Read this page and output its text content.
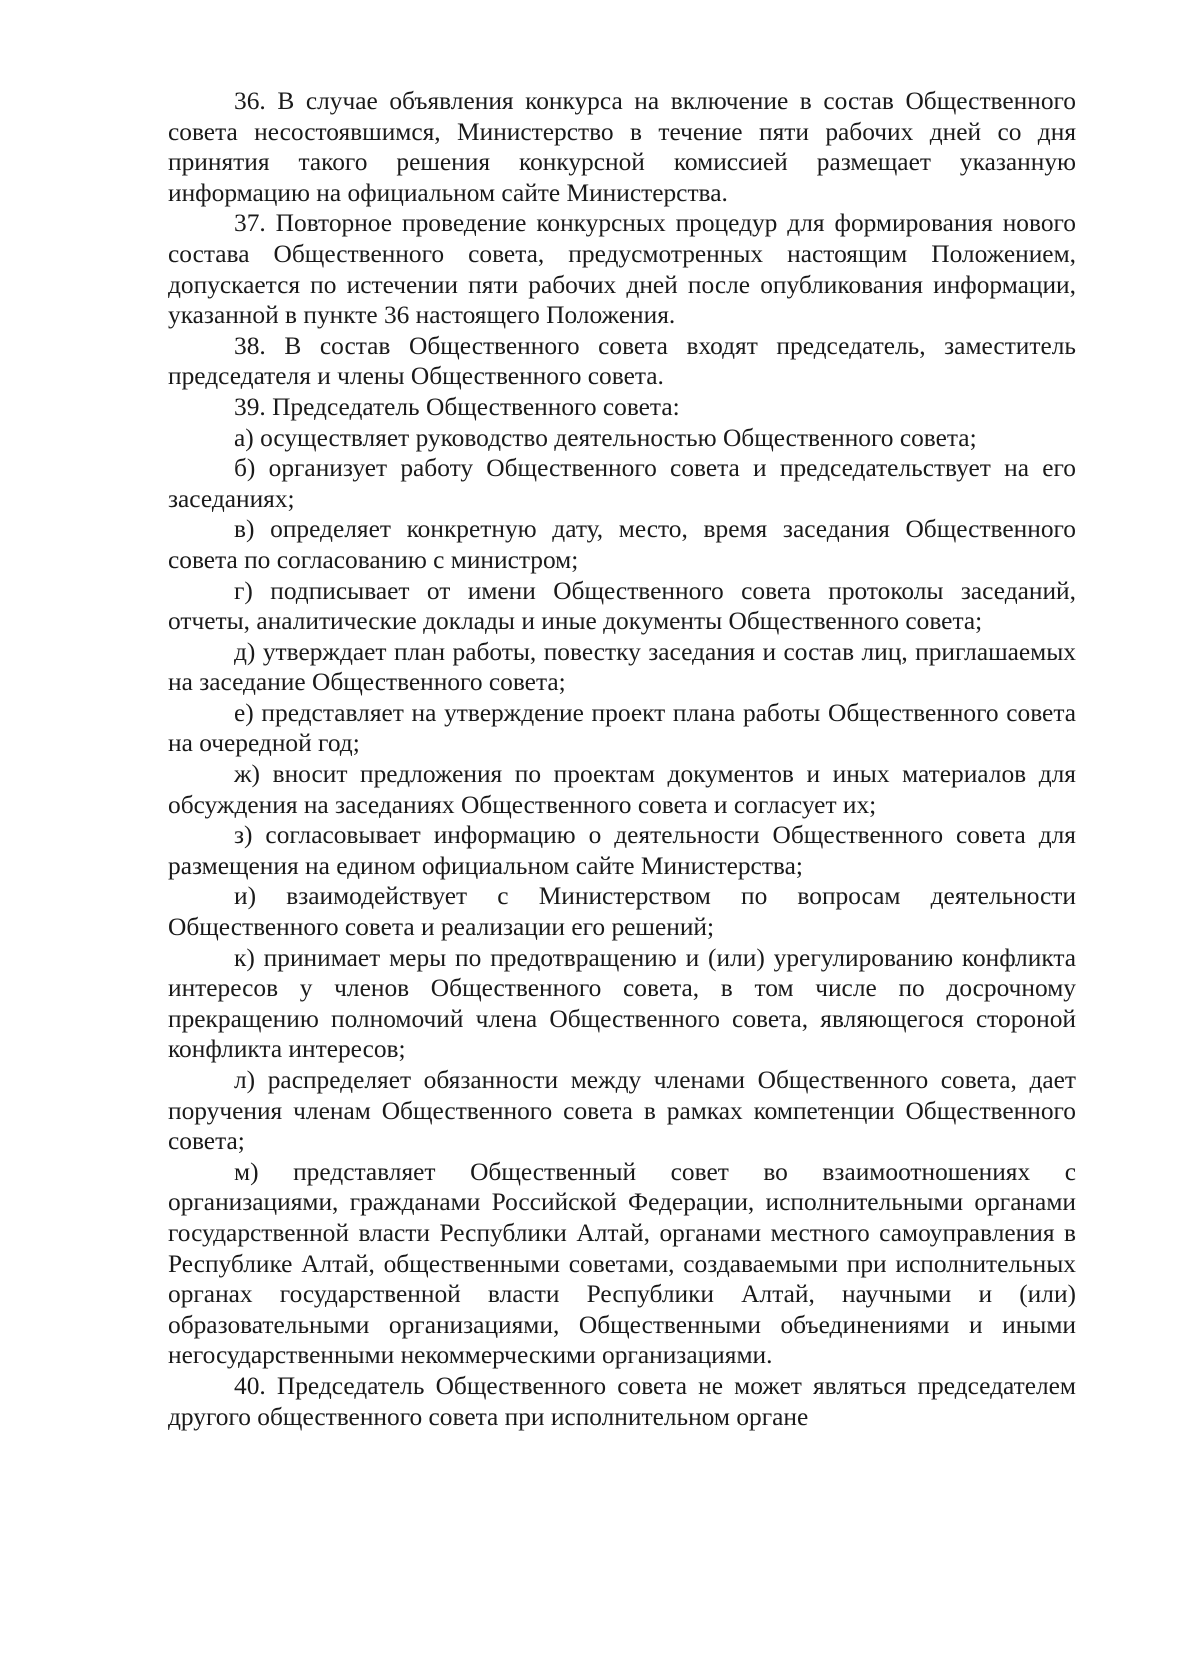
36. В случае объявления конкурса на включение в состав Общественного совета несостоявшимся, Министерство в течение пяти рабочих дней со дня принятия такого решения конкурсной комиссией размещает указанную информацию на официальном сайте Министерства.

37. Повторное проведение конкурсных процедур для формирования нового состава Общественного совета, предусмотренных настоящим Положением, допускается по истечении пяти рабочих дней после опубликования информации, указанной в пункте 36 настоящего Положения.

38. В состав Общественного совета входят председатель, заместитель председателя и члены Общественного совета.

39. Председатель Общественного совета:

а) осуществляет руководство деятельностью Общественного совета;

б) организует работу Общественного совета и председательствует на его заседаниях;

в) определяет конкретную дату, место, время заседания Общественного совета по согласованию с министром;

г) подписывает от имени Общественного совета протоколы заседаний, отчеты, аналитические доклады и иные документы Общественного совета;

д) утверждает план работы, повестку заседания и состав лиц, приглашаемых на заседание Общественного совета;

е) представляет на утверждение проект плана работы Общественного совета на очередной год;

ж) вносит предложения по проектам документов и иных материалов для обсуждения на заседаниях Общественного совета и согласует их;

з) согласовывает информацию о деятельности Общественного совета для размещения на едином официальном сайте Министерства;

и) взаимодействует с Министерством по вопросам деятельности Общественного совета и реализации его решений;

к) принимает меры по предотвращению и (или) урегулированию конфликта интересов у членов Общественного совета, в том числе по досрочному прекращению полномочий члена Общественного совета, являющегося стороной конфликта интересов;

л) распределяет обязанности между членами Общественного совета, дает поручения членам Общественного совета в рамках компетенции Общественного совета;

м) представляет Общественный совет во взаимоотношениях с организациями, гражданами Российской Федерации, исполнительными органами государственной власти Республики Алтай, органами местного самоуправления в Республике Алтай, общественными советами, создаваемыми при исполнительных органах государственной власти Республики Алтай, научными и (или) образовательными организациями, Общественными объединениями и иными негосударственными некоммерческими организациями.

40. Председатель Общественного совета не может являться председателем другого общественного совета при исполнительном органе
